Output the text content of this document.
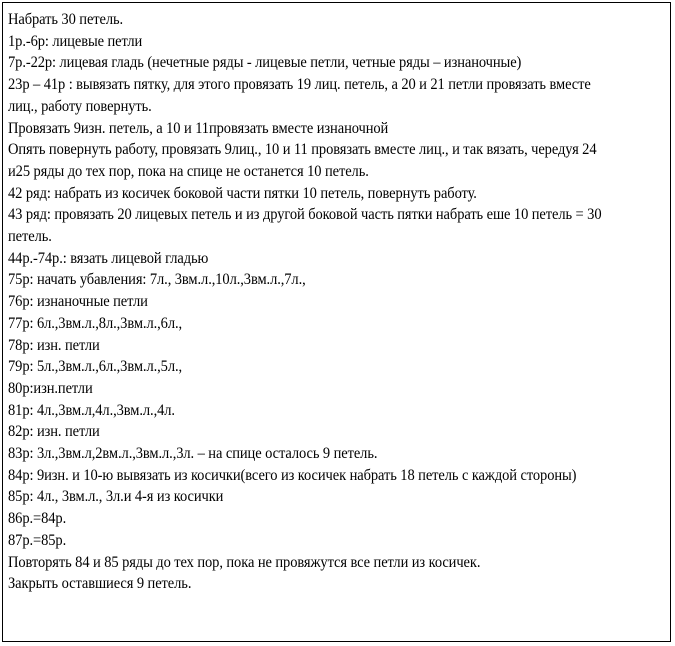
Набрать 30 петель.
1р.-6р: лицевые петли
7р.-22р: лицевая гладь (нечетные ряды - лицевые петли, четные ряды – изнаночные)
23р – 41р : вывязать пятку, для этого провязать 19 лиц. петель, а 20 и 21 петли провязать вместе
лиц., работу повернуть.
Провязать 9изн. петель, а 10 и 11провязать вместе изнаночной
Опять повернуть работу, провязать 9лиц., 10 и 11 провязать вместе лиц., и так вязать, чередуя 24
и25 ряды до тех пор, пока на спице не останется 10 петель.
42 ряд: набрать из косичек боковой части пятки 10 петель, повернуть работу.
43 ряд: провязать 20 лицевых петель и из другой боковой часть пятки набрать еше 10 петель = 30
петель.
44р.-74р.: вязать лицевой гладью
75р: начать убавления: 7л., 3вм.л.,10л.,3вм.л.,7л.,
76р: изнаночные петли
77р: 6л.,3вм.л.,8л.,3вм.л.,6л.,
78р: изн. петли
79р: 5л.,3вм.л.,6л.,3вм.л.,5л.,
80р:изн.петли
81р: 4л.,3вм.л,4л.,3вм.л.,4л.
82р: изн. петли
83р: 3л.,3вм.л,2вм.л.,3вм.л.,3л. – на спице осталось 9 петель.
84р: 9изн. и 10-ю вывязать из косички(всего из косичек набрать 18 петель с каждой стороны)
85р: 4л., 3вм.л., 3л.и 4-я из косички
86р.=84р.
87р.=85р.
Повторять 84 и 85 ряды до тех пор, пока не провяжутся все петли из косичек.
Закрыть оставшиеся 9 петель.
